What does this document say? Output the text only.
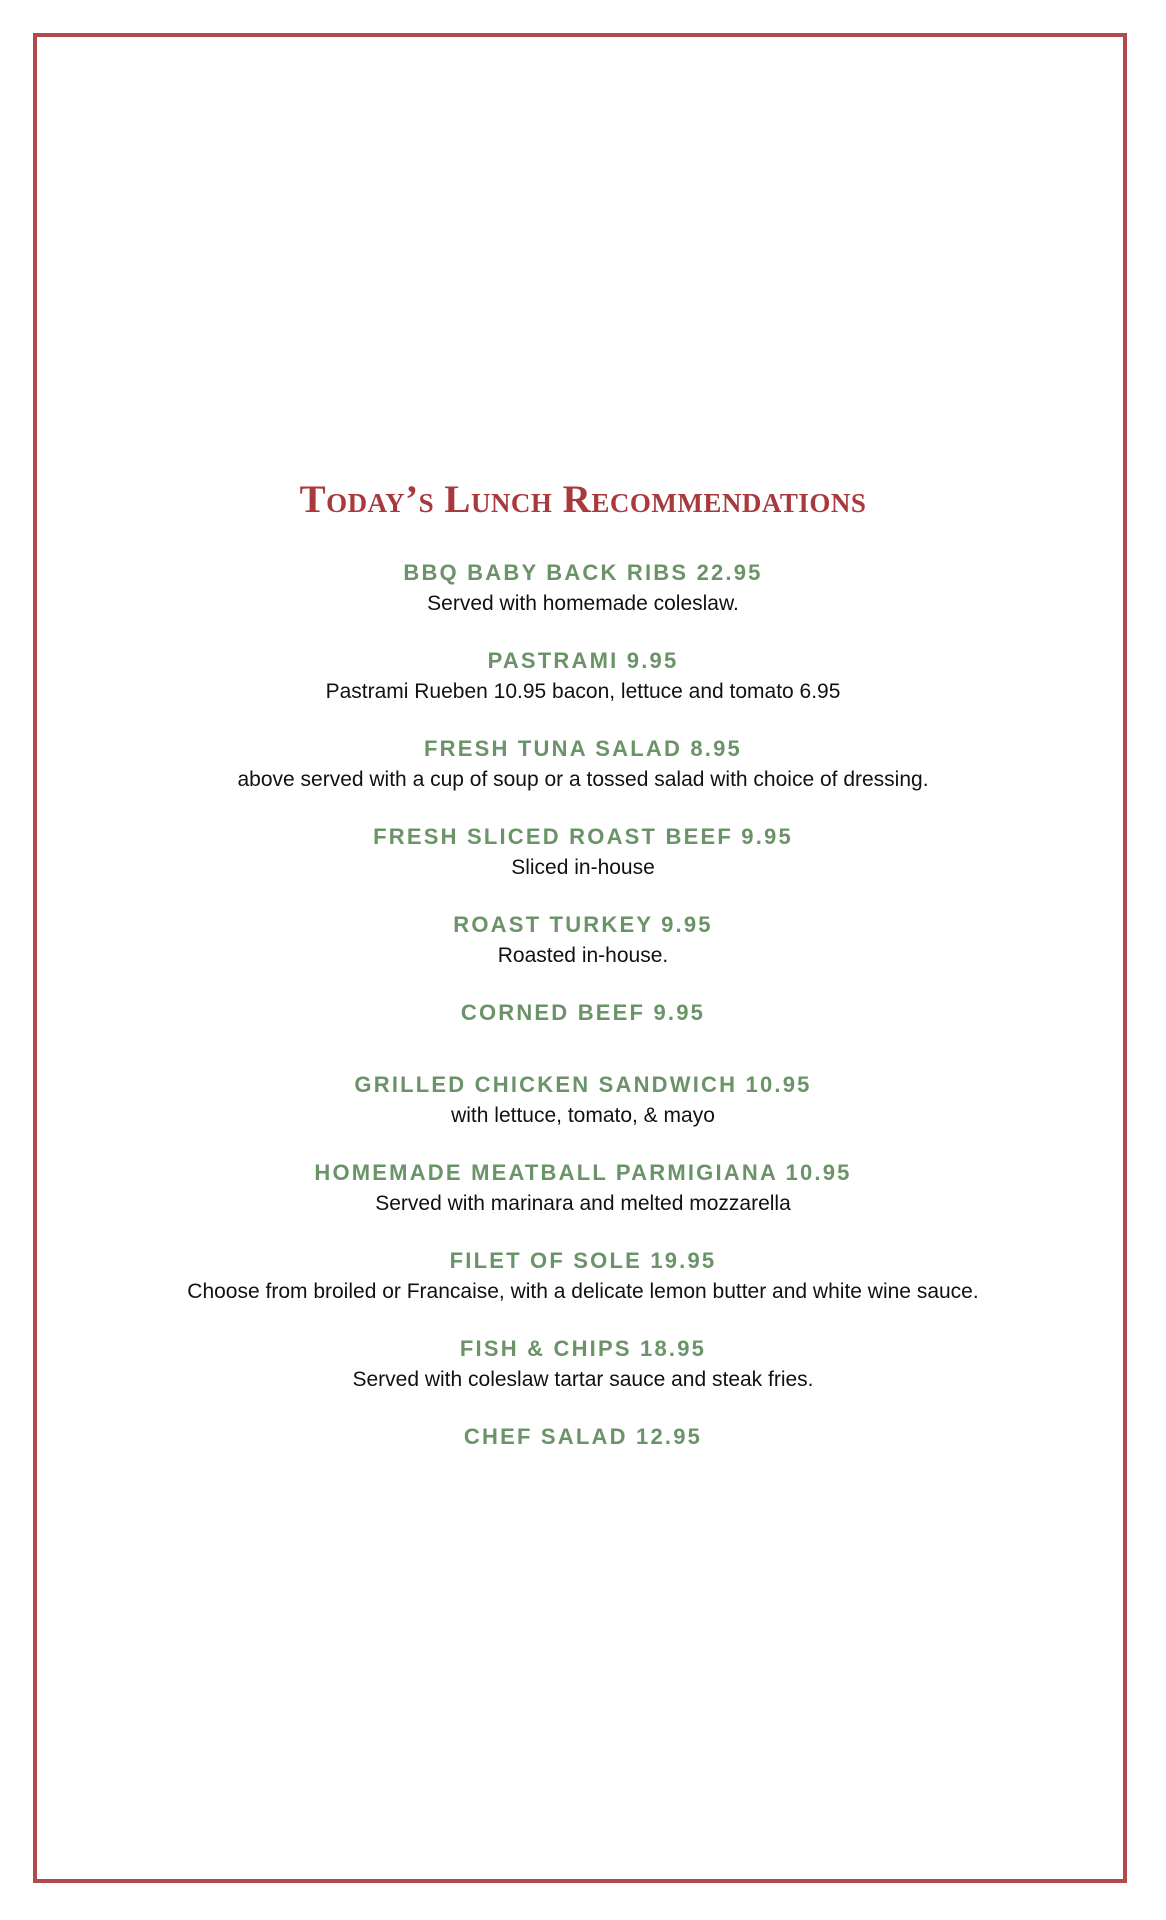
Today’s Lunch Recommendations

BBQ BABY BACK RIBS 22.95

Served with homemade coleslaw.

PASTRAMI 9.95

Pastrami Rueben 10.95 bacon, lettuce and tomato 6.95

FRESH TUNA SALAD 8.95

above served with a cup of soup or a tossed salad with choice of dressing.

FRESH SLICED ROAST BEEF 9.95

Sliced in-house

ROAST TURKEY 9.95

Roasted in-house.

CORNED BEEF 9.95

GRILLED CHICKEN SANDWICH 10.95

with lettuce, tomato, & mayo

HOMEMADE MEATBALL PARMIGIANA 10.95

Served with marinara and melted mozzarella

FILET OF SOLE 19.95

Choose from broiled or Francaise, with a delicate lemon butter and white wine sauce.

FISH & CHIPS 18.95

Served with coleslaw tartar sauce and steak fries.

CHEF SALAD 12.95
